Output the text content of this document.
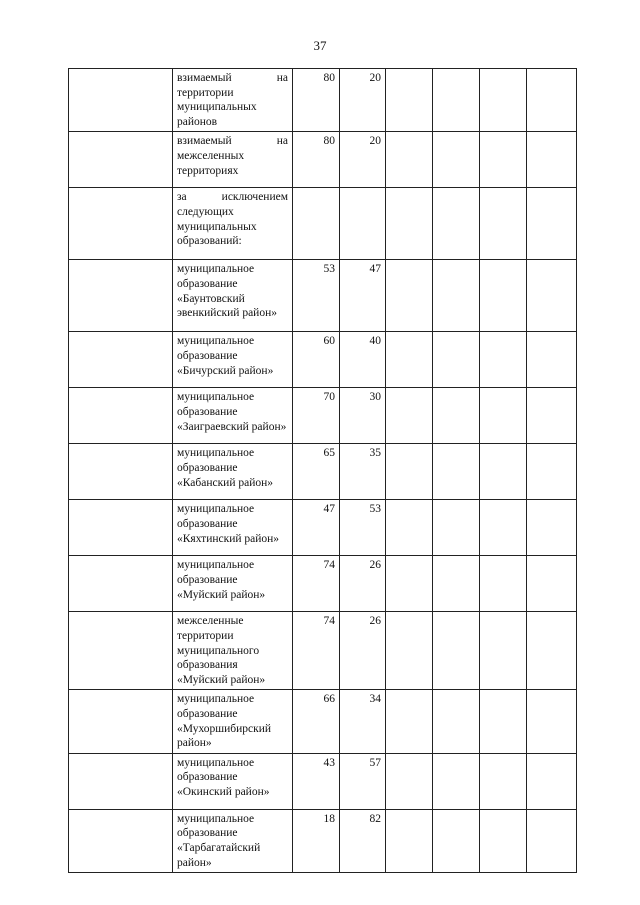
37
	взимаемый на территории муниципальных районов	80	20				
	взимаемый на межселенных территориях	80	20				
	за исключением следующих муниципальных образований:						
	муниципальное образование «Баунтовский эвенкийский район»	53	47				
	муниципальное образование «Бичурский район»	60	40				
	муниципальное образование «Заиграевский район»	70	30				
	муниципальное образование «Кабанский район»	65	35				
	муниципальное образование «Кяхтинский район»	47	53				
	муниципальное образование «Муйский район»	74	26				
	межселенные территории муниципального образования «Муйский район»	74	26				
	муниципальное образование «Мухоршибирский район»	66	34				
	муниципальное образование «Окинский район»	43	57				
	муниципальное образование «Тарбагатайский район»	18	82				
